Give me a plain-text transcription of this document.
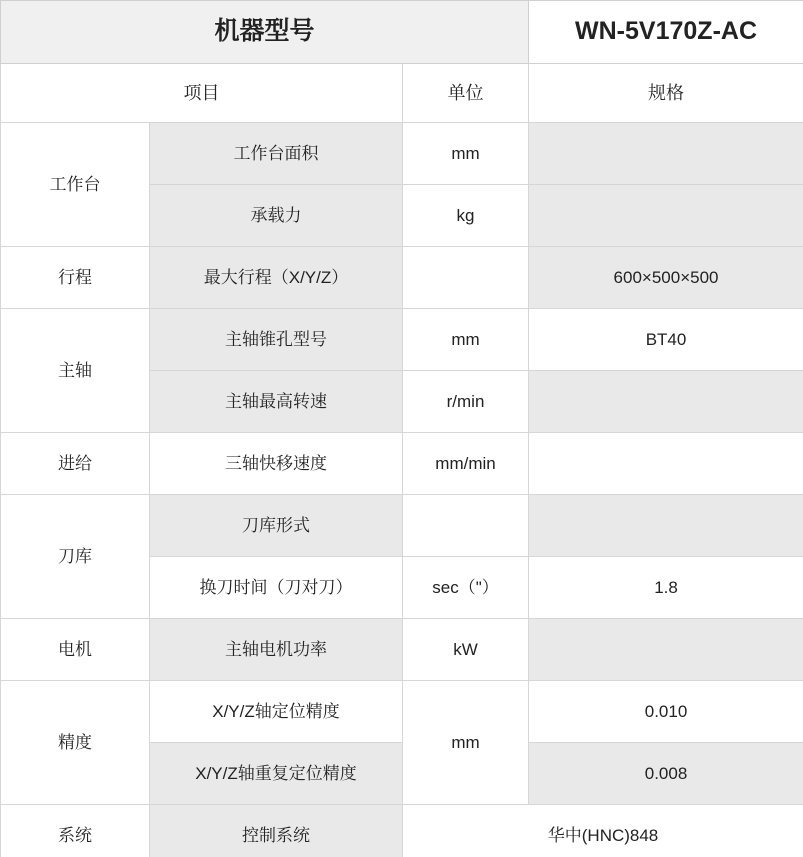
机器型号			WN-5V170Z-AC
项目		单位	规格
工作台	工作台面积	mm	
	承载力	kg	
行程	最大行程（X/Y/Z）		600×500×500
主轴	主轴锥孔型号	mm	BT40
	主轴最高转速	r/min	
进给	三轴快移速度	mm/min	
刀库	刀库形式		
	换刀时间（刀对刀）	sec（"）	1.8
电机	主轴电机功率	kW	
精度	X/Y/Z轴定位精度	mm	0.010
	X/Y/Z轴重复定位精度		0.008
系统	控制系统	华中(HNC)848	
